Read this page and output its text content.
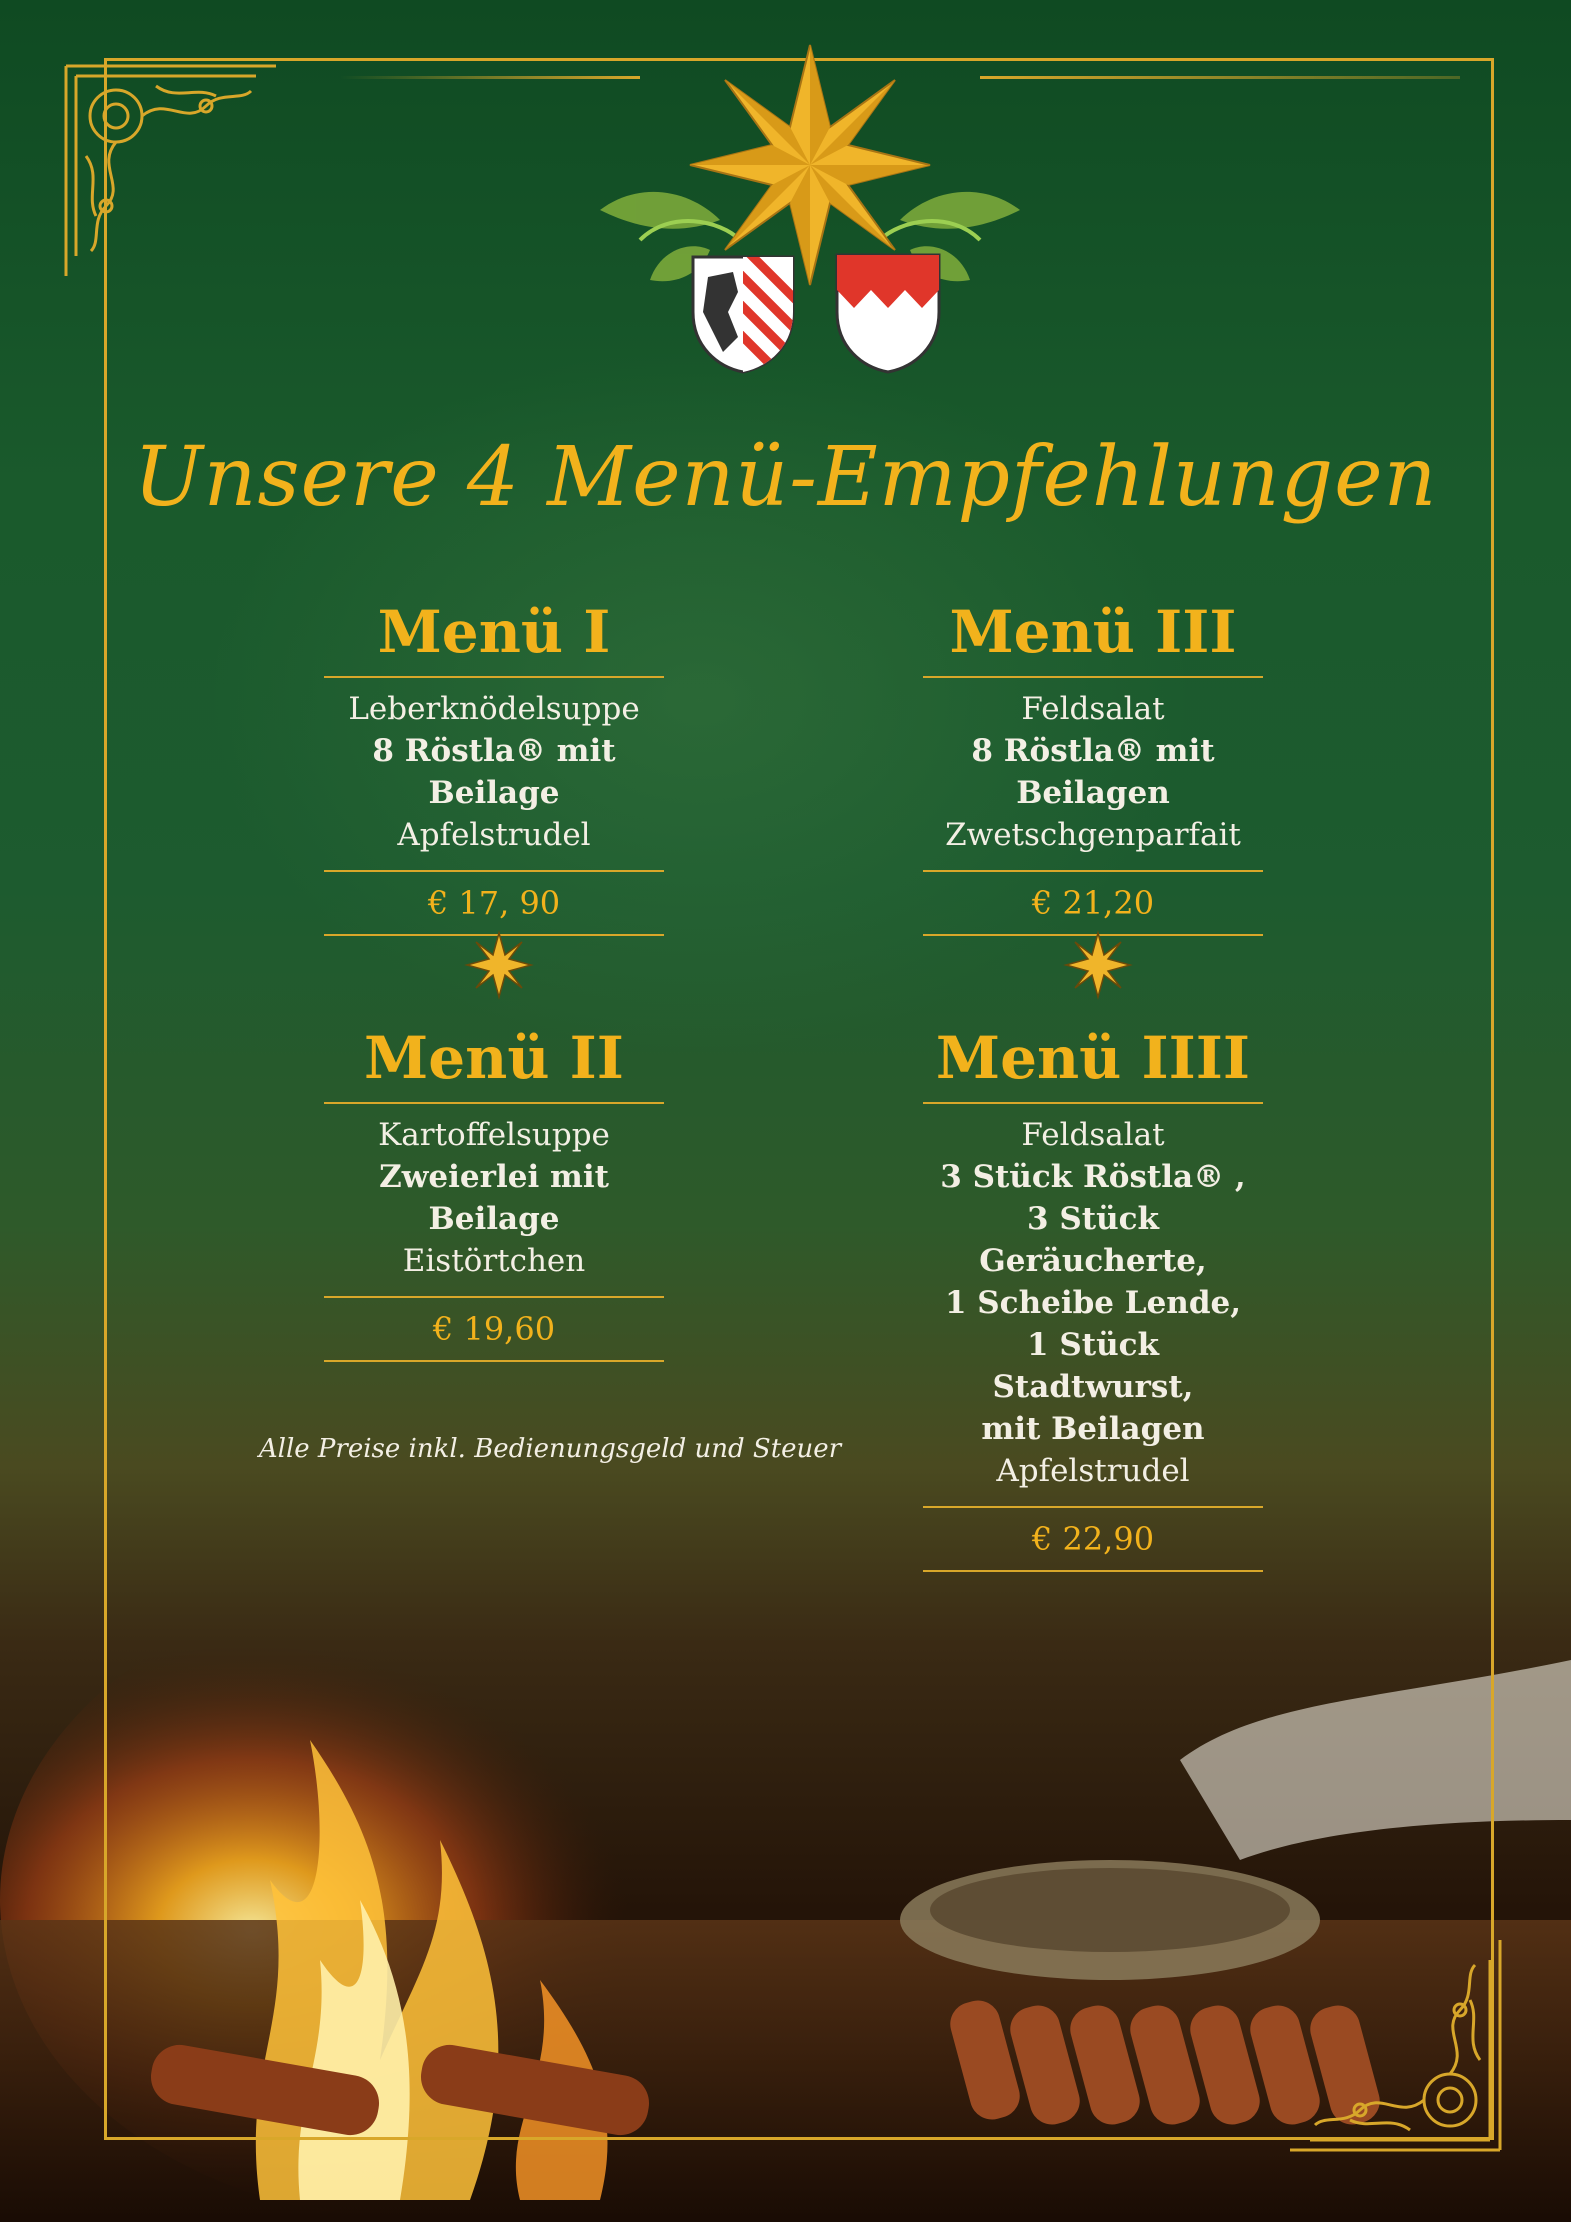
Unsere 4 Menü-Empfehlungen
Menü I
Leberknödelsuppe
8 Röstla® mit Beilage
Apfelstrudel
€ 17, 90
Menü III
Feldsalat
8 Röstla® mit Beilagen
Zwetschgenparfait
€ 21,20
Menü II
Kartoffelsuppe
Zweierlei mit Beilage
Eistörtchen
€ 19,60
Menü IIII
Feldsalat
3 Stück Röstla® ,
3 Stück Geräucherte,
1 Scheibe Lende,
1 Stück Stadtwurst,
mit Beilagen
Apfelstrudel
€ 22,90
Alle Preise inkl. Bedienungsgeld und Steuer
